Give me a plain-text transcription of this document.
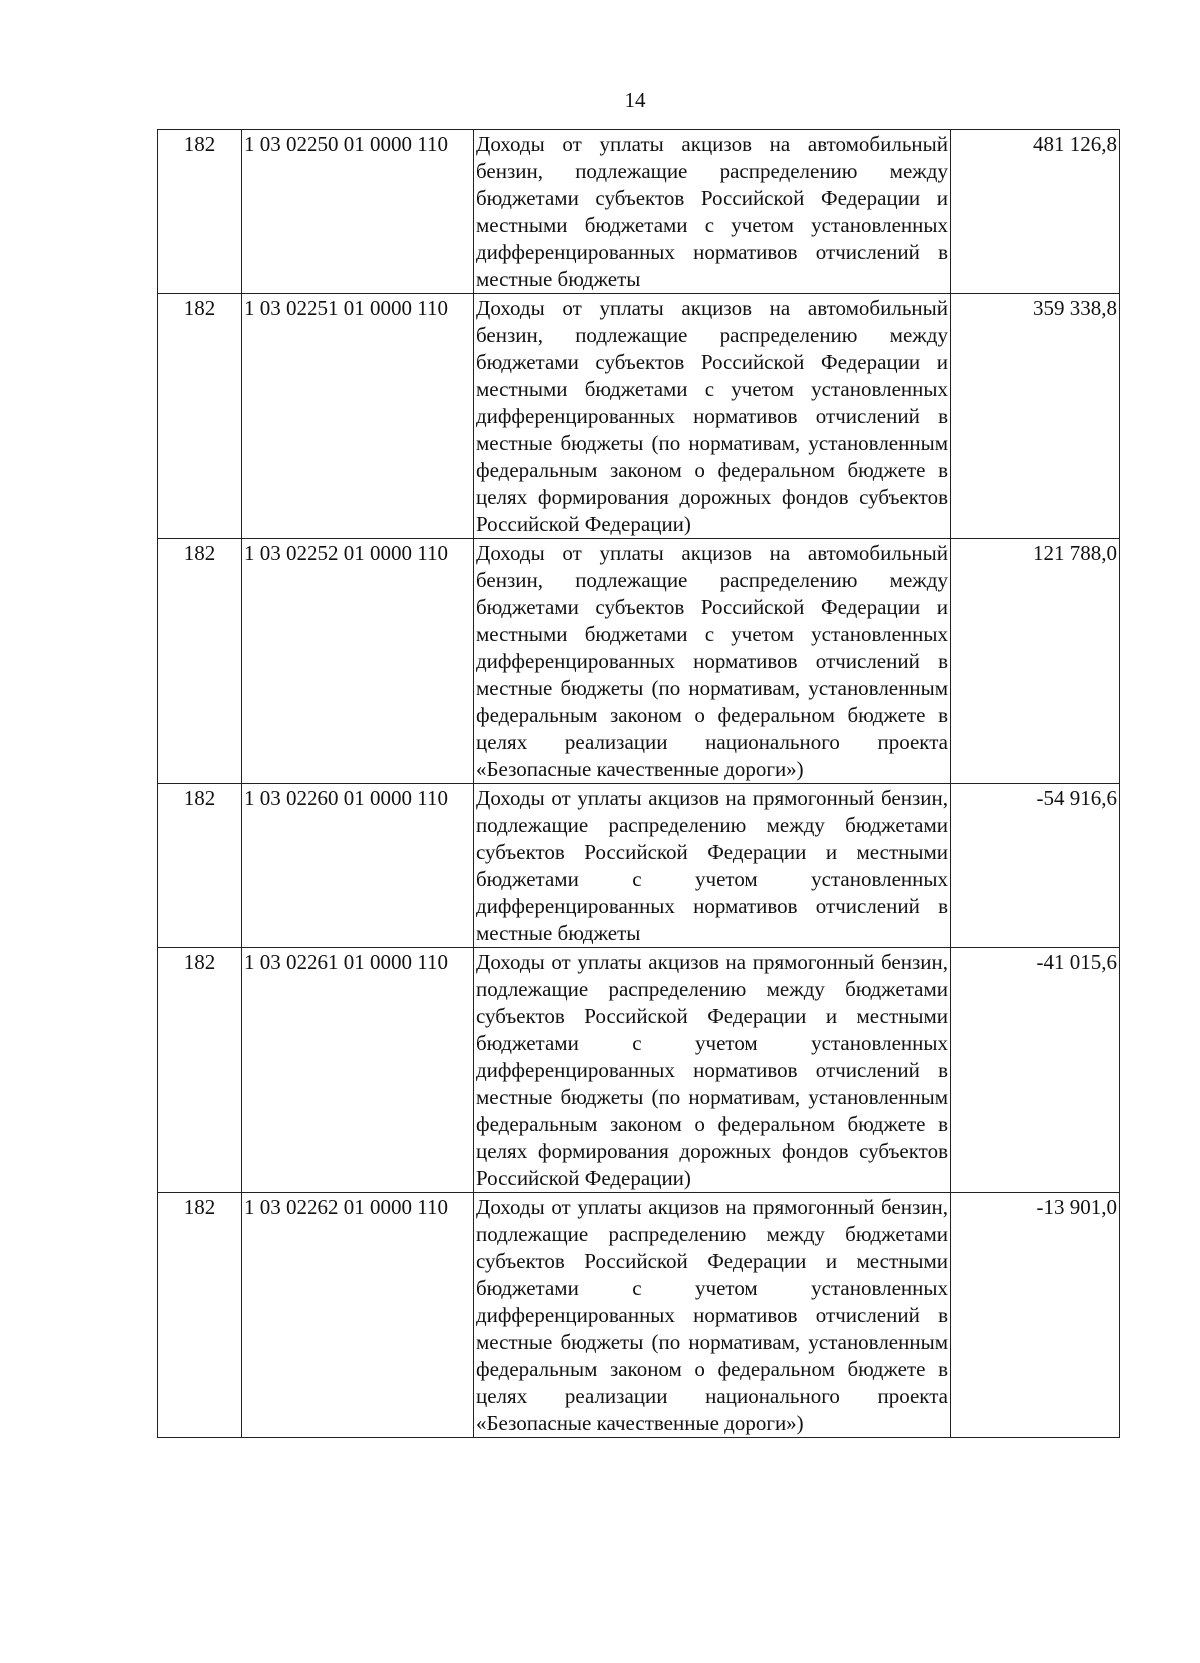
14
182	1 03 02250 01 0000 110	Доходы от уплаты акцизов на автомобильный бензин, подлежащие распределению между бюджетами субъектов Российской Федерации и местными бюджетами с учетом установленных дифференцированных нормативов отчислений в местные бюджеты	481 126,8
182	1 03 02251 01 0000 110	Доходы от уплаты акцизов на автомобильный бензин, подлежащие распределению между бюджетами субъектов Российской Федерации и местными бюджетами с учетом установленных дифференцированных нормативов отчислений в местные бюджеты (по нормативам, установленным федеральным законом о федеральном бюджете в целях формирования дорожных фондов субъектов Российской Федерации)	359 338,8
182	1 03 02252 01 0000 110	Доходы от уплаты акцизов на автомобильный бензин, подлежащие распределению между бюджетами субъектов Российской Федерации и местными бюджетами с учетом установленных дифференцированных нормативов отчислений в местные бюджеты (по нормативам, установленным федеральным законом о федеральном бюджете в целях реализации национального проекта «Безопасные качественные дороги»)	121 788,0
182	1 03 02260 01 0000 110	Доходы от уплаты акцизов на прямогонный бензин, подлежащие распределению между бюджетами субъектов Российской Федерации и местными бюджетами с учетом установленных дифференцированных нормативов отчислений в местные бюджеты	-54 916,6
182	1 03 02261 01 0000 110	Доходы от уплаты акцизов на прямогонный бензин, подлежащие распределению между бюджетами субъектов Российской Федерации и местными бюджетами с учетом установленных дифференцированных нормативов отчислений в местные бюджеты (по нормативам, установленным федеральным законом о федеральном бюджете в целях формирования дорожных фондов субъектов Российской Федерации)	-41 015,6
182	1 03 02262 01 0000 110	Доходы от уплаты акцизов на прямогонный бензин, подлежащие распределению между бюджетами субъектов Российской Федерации и местными бюджетами с учетом установленных дифференцированных нормативов отчислений в местные бюджеты (по нормативам, установленным федеральным законом о федеральном бюджете в целях реализации национального проекта «Безопасные качественные дороги»)	-13 901,0
